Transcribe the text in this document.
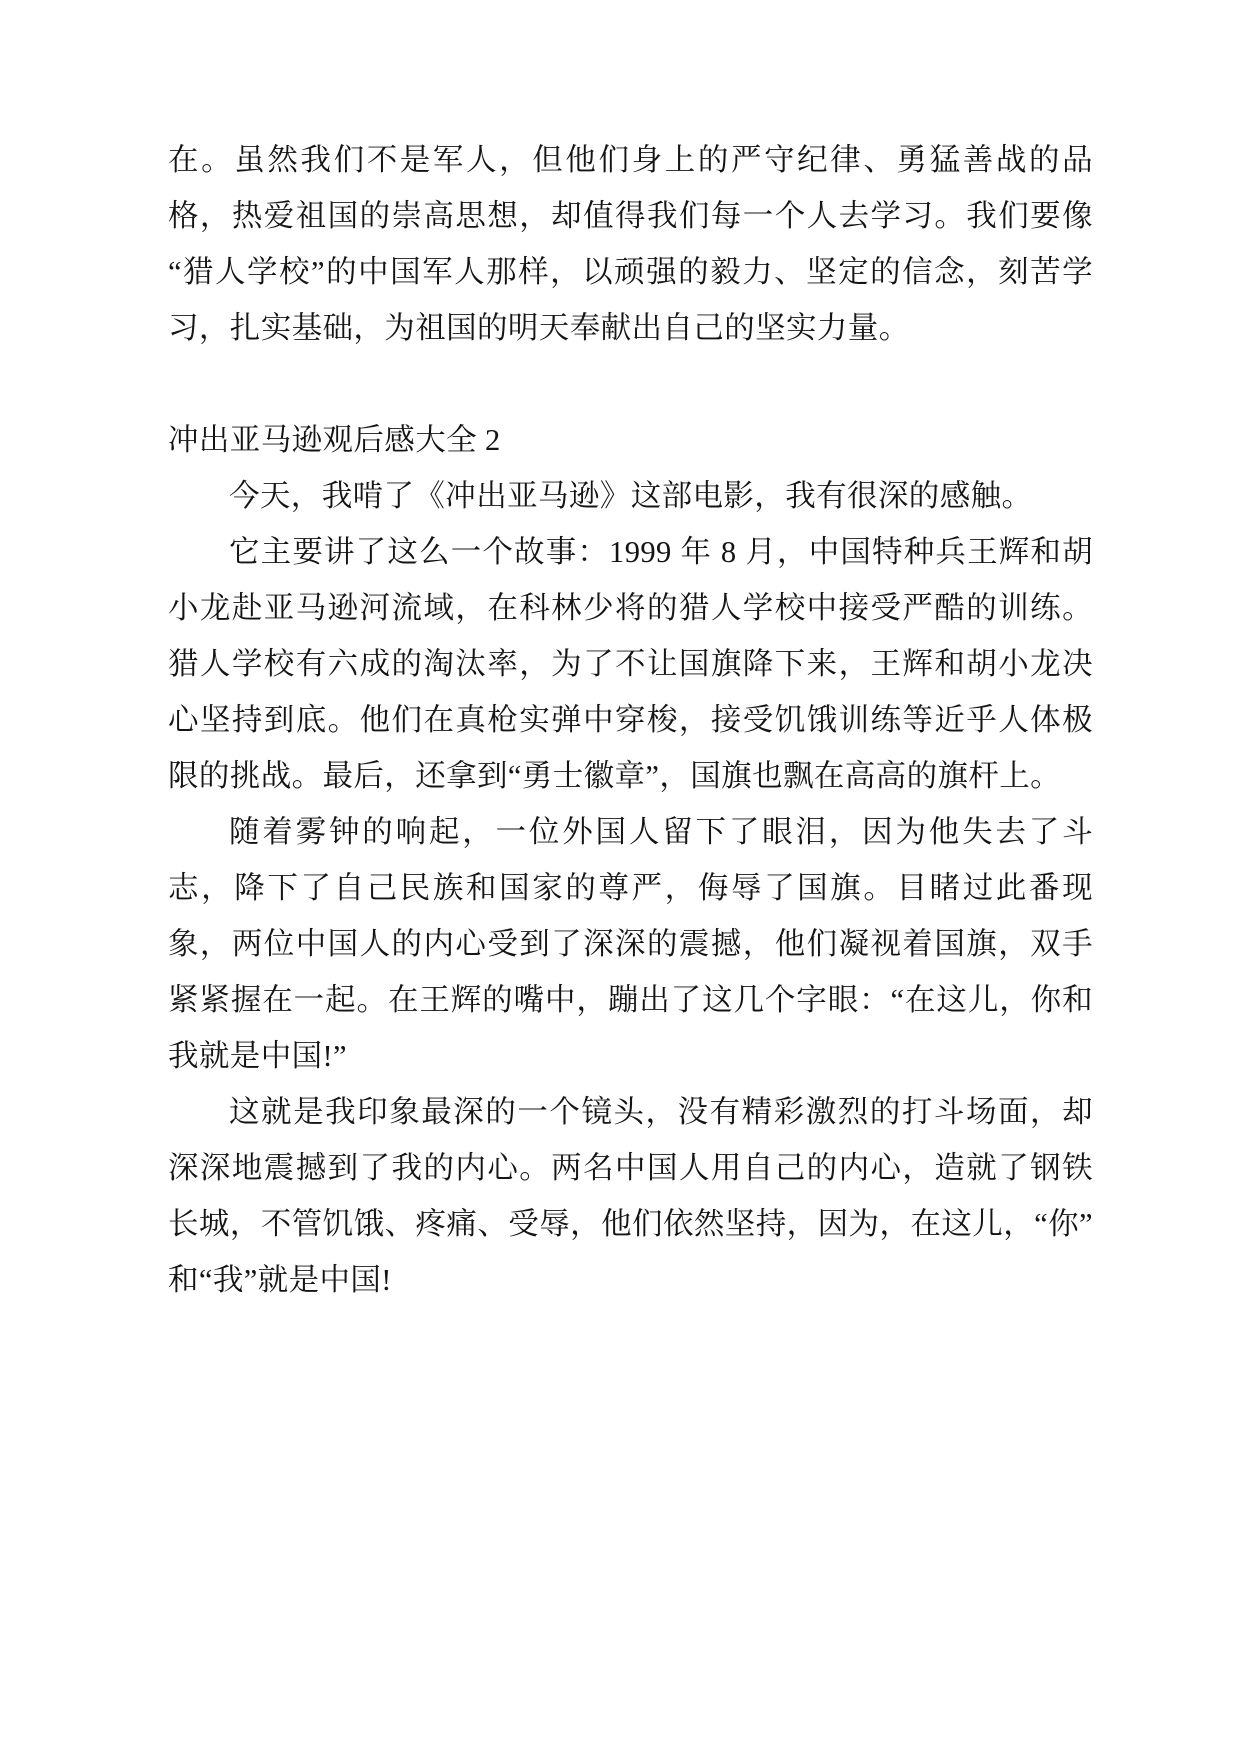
在。虽然我们不是军人，但他们身上的严守纪律、勇猛善战的品格，热爱祖国的崇高思想，却值得我们每一个人去学习。我们要像“猎人学校”的中国军人那样，以顽强的毅力、坚定的信念，刻苦学习，扎实基础，为祖国的明天奉献出自己的坚实力量。

冲出亚马逊观后感大全 2

今天，我啃了《冲出亚马逊》这部电影，我有很深的感触。

它主要讲了这么一个故事：1999 年 8 月，中国特种兵王辉和胡小龙赴亚马逊河流域，在科林少将的猎人学校中接受严酷的训练。猎人学校有六成的淘汰率，为了不让国旗降下来，王辉和胡小龙决心坚持到底。他们在真枪实弹中穿梭，接受饥饿训练等近乎人体极限的挑战。最后，还拿到“勇士徽章”，国旗也飘在高高的旗杆上。

随着雾钟的响起，一位外国人留下了眼泪，因为他失去了斗志，降下了自己民族和国家的尊严，侮辱了国旗。目睹过此番现象，两位中国人的内心受到了深深的震撼，他们凝视着国旗，双手紧紧握在一起。在王辉的嘴中，蹦出了这几个字眼：“在这儿，你和我就是中国!”

这就是我印象最深的一个镜头，没有精彩激烈的打斗场面，却深深地震撼到了我的内心。两名中国人用自己的内心，造就了钢铁长城，不管饥饿、疼痛、受辱，他们依然坚持，因为，在这儿，“你”和“我”就是中国!
